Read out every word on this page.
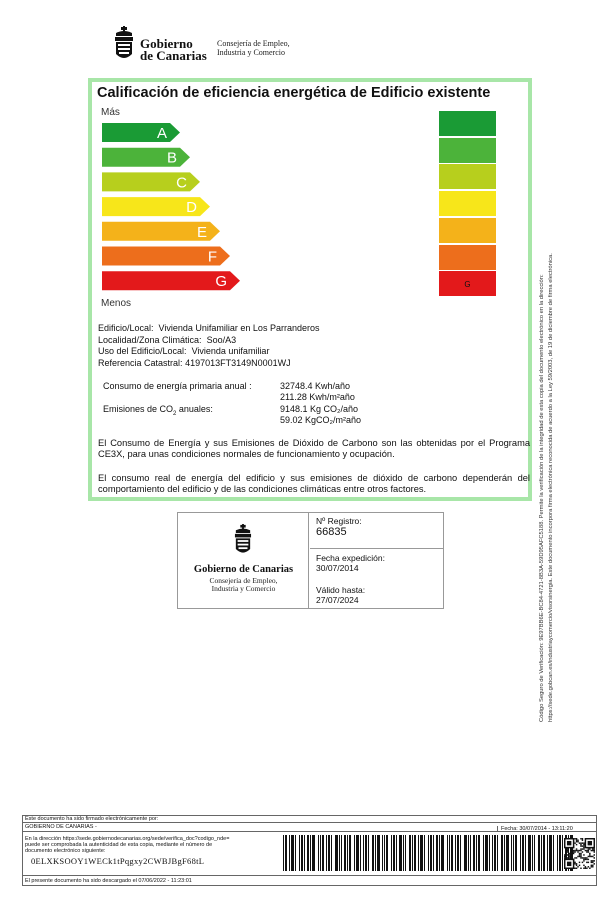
Gobierno
de Canarias
Consejería de Empleo,
Industria y Comercio
Calificación de eficiencia energética de Edificio existente
Más
A
B
C
D
E
F
G
Menos
G
Edificio/Local: Vivienda Unifamiliar en Los Parranderos
Localidad/Zona Climática: Soo/A3
Uso del Edificio/Local: Vivienda unifamiliar
Referencia Catastral: 4197013FT3149N0001WJ
Consumo de energía primaria anual :	32748.4 Kwh/año
211.28 Kwh/m²año
Emisiones de $CO_2$ anuales:	9148.1 Kg CO₂/año
59.02 KgCO₂/m²año
El Consumo de Energía y sus Emisiones de Dióxido de Carbono son las obtenidas por el Programa CE3X, para unas condiciones normales de funcionamiento y ocupación.
El consumo real de energía del edificio y sus emisiones de dióxido de carbono dependerán del comportamiento del edificio y de las condiciones climáticas entre otros factores.
Gobierno de Canarias
Consejería de Empleo,
Industria y Comercio
Nº Registro:
66835
Fecha expedición:
30/07/2014
Válido hasta:
27/07/2024	Código Seguro de Verificación: 9E97BB6E-BC84-4721-8B3A-59D95AFC5188. Permite la verificación de la integridad de esta copia del documento electrónico en la dirección: https://sede.gobcan.es/industriaycomercio/visorsinergia. Este documento incorpora firma electrónica reconocida de acuerdo a la Ley 59/2003, de 19 de diciembre de firma electrónica.
Este documento ha sido firmado electrónicamente por:
GOBIERNO DE CANARIAS -	Fecha: 30/07/2014 - 13:11:20
En la dirección https://sede.gobiernodecanarias.org/sede/verifica_doc?codigo_nde=
puede ser comprobada la autenticidad de esta copia, mediante el número de
documento electrónico siguiente:
0ELXKSOOY1WECk1tPqgxy2CWBJBgF68tL
El presente documento ha sido descargado el 07/06/2022 - 11:23:01
